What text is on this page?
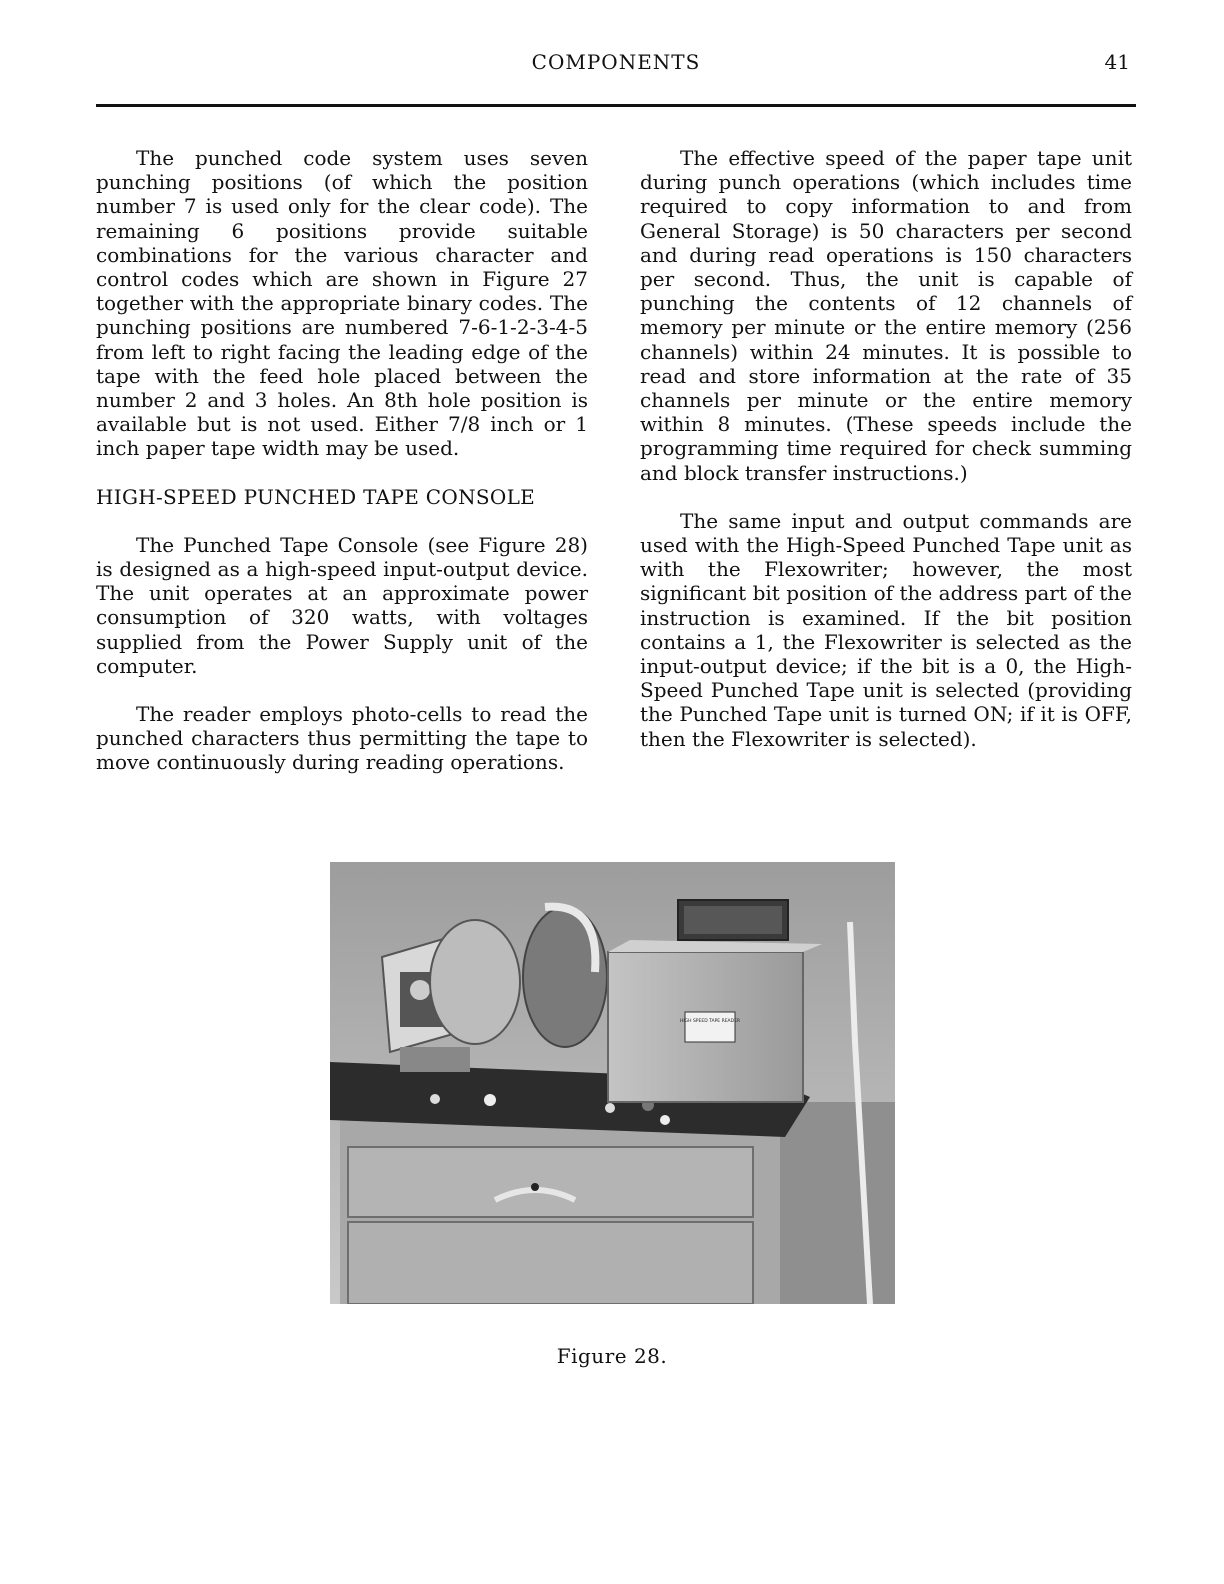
COMPONENTS	41

The punched code system uses seven punching positions (of which the position number 7 is used only for the clear code). The remaining 6 positions provide suitable combinations for the various character and control codes which are shown in Figure 27 together with the appropriate binary codes. The punching positions are numbered 7-6-1-2-3-4-5 from left to right facing the leading edge of the tape with the feed hole placed between the number 2 and 3 holes. An 8th hole position is available but is not used. Either 7/8 inch or 1 inch paper tape width may be used.

HIGH-SPEED PUNCHED TAPE CONSOLE

The Punched Tape Console (see Figure 28) is designed as a high-speed input-output device. The unit operates at an approximate power consumption of 320 watts, with voltages supplied from the Power Supply unit of the computer.

The reader employs photo-cells to read the punched characters thus permitting the tape to move continuously during reading operations.

The effective speed of the paper tape unit during punch operations (which includes time required to copy information to and from General Storage) is 50 characters per second and during read operations is 150 characters per second. Thus, the unit is capable of punching the contents of 12 channels of memory per minute or the entire memory (256 channels) within 24 minutes. It is possible to read and store information at the rate of 35 channels per minute or the entire memory within 8 minutes. (These speeds include the programming time required for check summing and block transfer instructions.)

The same input and output commands are used with the High-Speed Punched Tape unit as with the Flexowriter; however, the most significant bit position of the address part of the instruction is examined. If the bit position contains a 1, the Flexowriter is selected as the input-output device; if the bit is a 0, the High-Speed Punched Tape unit is selected (providing the Punched Tape unit is turned ON; if it is OFF, then the Flexowriter is selected).

HIGH SPEED TAPE READER
Figure 28.
